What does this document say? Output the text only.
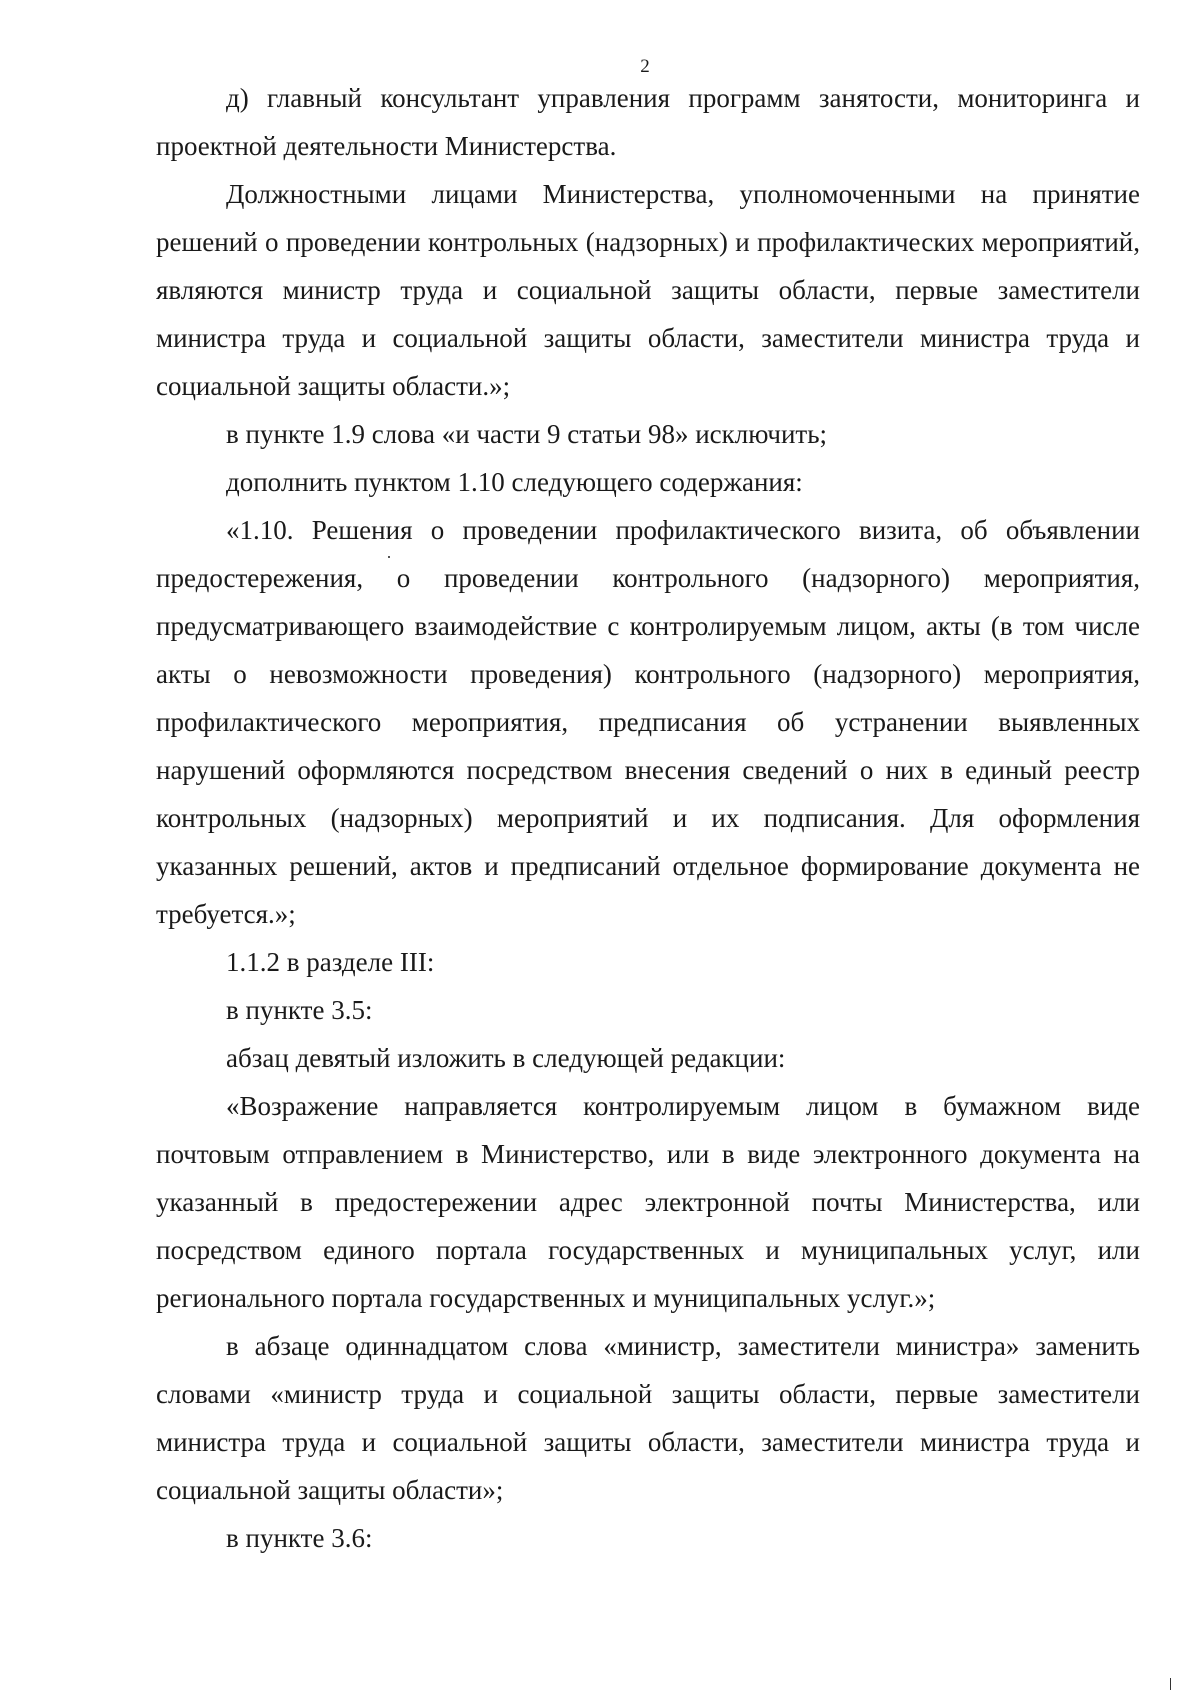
2

д) главный консультант управления программ занятости, мониторинга и проектной деятельности Министерства.

Должностными лицами Министерства, уполномоченными на принятие решений о проведении контрольных (надзорных) и профилактических мероприятий, являются министр труда и социальной защиты области, первые заместители министра труда и социальной защиты области, заместители министра труда и социальной защиты области.»;

в пункте 1.9 слова «и части 9 статьи 98» исключить;

дополнить пунктом 1.10 следующего содержания:

«1.10. Решения о проведении профилактического визита, об объявлении предостережения, о проведении контрольного (надзорного) мероприятия, предусматривающего взаимодействие с контролируемым лицом, акты (в том числе акты о невозможности проведения) контрольного (надзорного) мероприятия, профилактического мероприятия, предписания об устранении выявленных нарушений оформляются посредством внесения сведений о них в единый реестр контрольных (надзорных) мероприятий и их подписания. Для оформления указанных решений, актов и предписаний отдельное формирование документа не требуется.»;

1.1.2 в разделе III:

в пункте 3.5:

абзац девятый изложить в следующей редакции:

«Возражение направляется контролируемым лицом в бумажном виде почтовым отправлением в Министерство, или в виде электронного документа на указанный в предостережении адрес электронной почты Министерства, или посредством единого портала государственных и муниципальных услуг, или регионального портала государственных и муниципальных услуг.»;

в абзаце одиннадцатом слова «министр, заместители министра» заменить словами «министр труда и социальной защиты области, первые заместители министра труда и социальной защиты области, заместители министра труда и социальной защиты области»;

в пункте 3.6:
